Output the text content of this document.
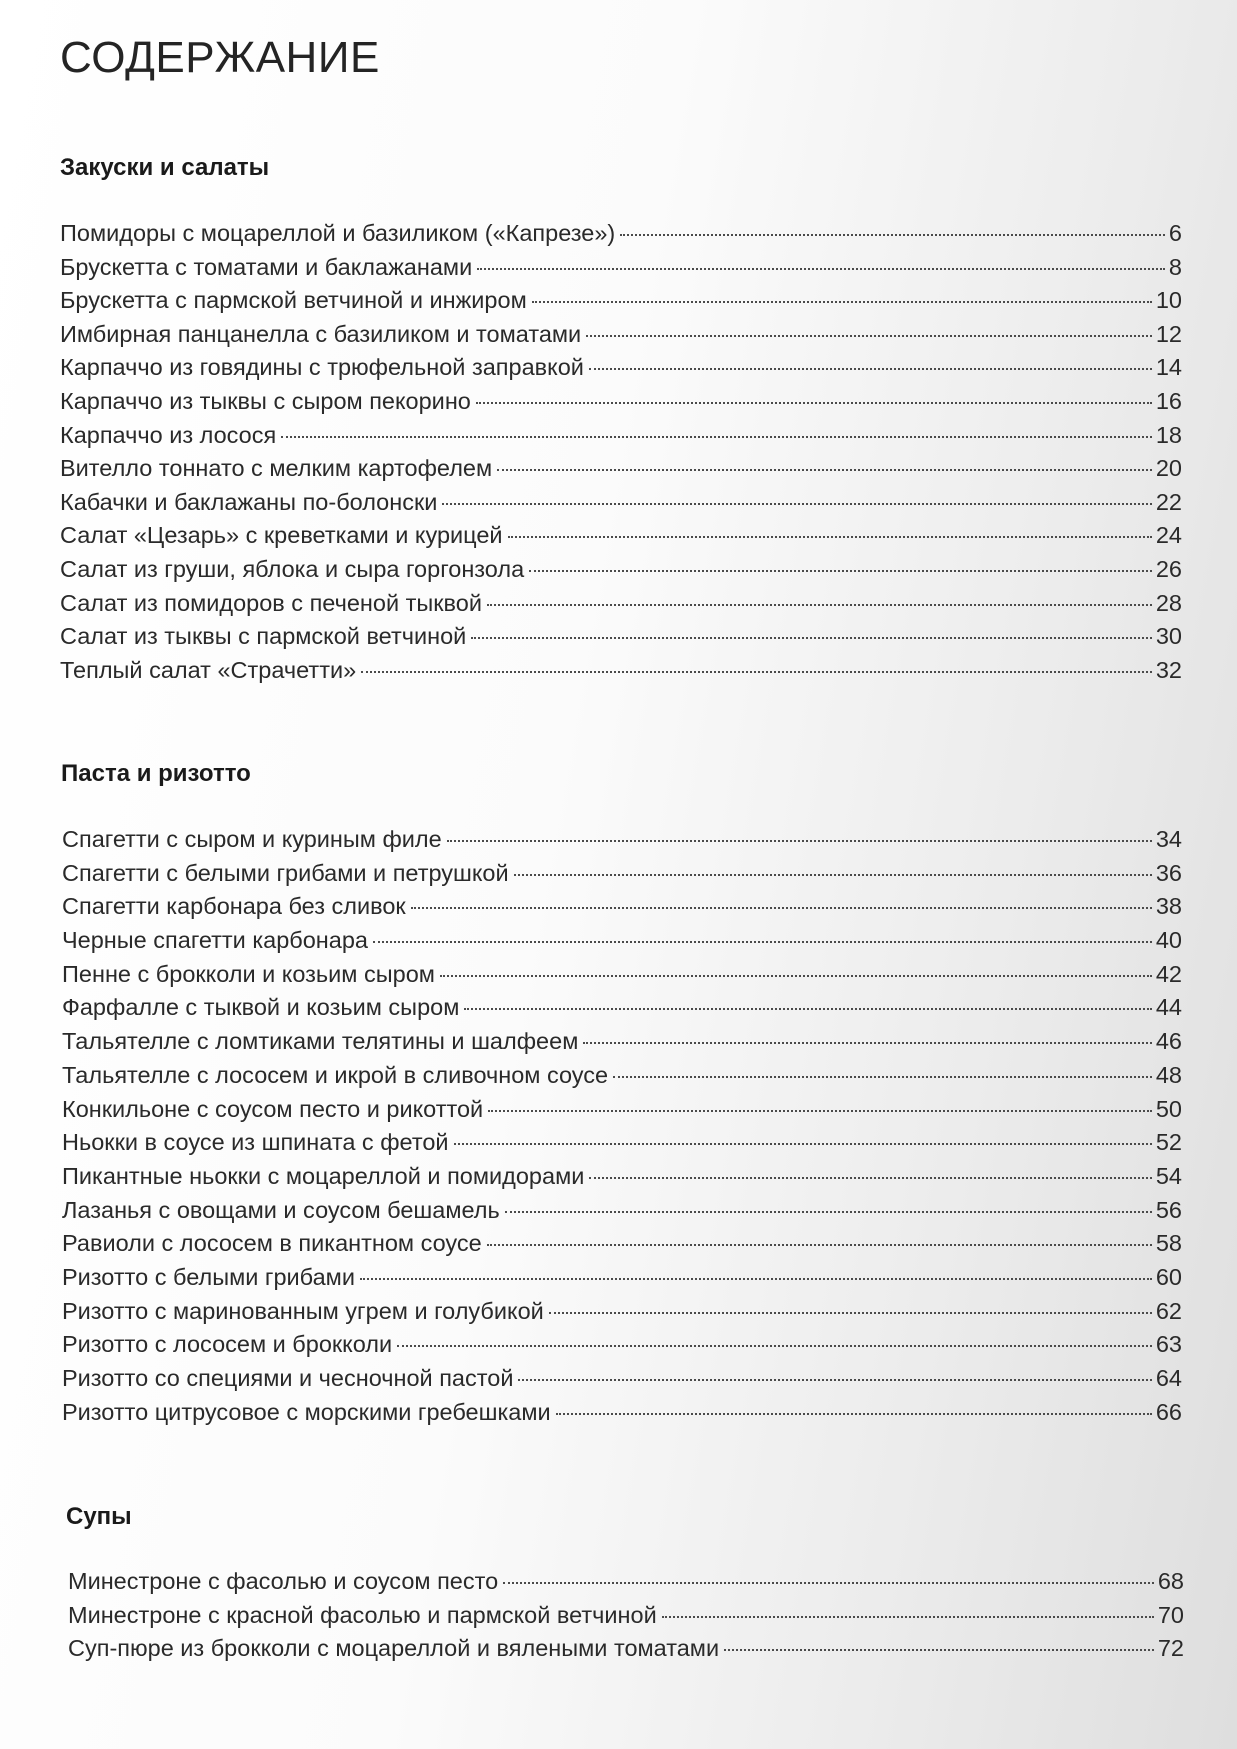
СОДЕРЖАНИЕ
Закуски и салаты
Помидоры с моцареллой и базиликом («Капрезе»)	6
Брускетта с томатами и баклажанами	8
Брускетта с пармской ветчиной и инжиром	10
Имбирная панцанелла с базиликом и томатами	12
Карпаччо из говядины с трюфельной заправкой	14
Карпаччо из тыквы с сыром пекорино	16
Карпаччо из лосося	18
Вителло тоннато с мелким картофелем	20
Кабачки и баклажаны по-болонски	22
Салат «Цезарь» с креветками и курицей	24
Салат из груши, яблока и сыра горгонзола	26
Салат из помидоров с печеной тыквой	28
Салат из тыквы с пармской ветчиной	30
Теплый салат «Страчетти»	32
Паста и ризотто
Спагетти с сыром и куриным филе	34
Спагетти с белыми грибами и петрушкой	36
Спагетти карбонара без сливок	38
Черные спагетти карбонара	40
Пенне с брокколи и козьим сыром	42
Фарфалле с тыквой и козьим сыром	44
Тальятелле с ломтиками телятины и шалфеем	46
Тальятелле с лососем и икрой в сливочном соусе	48
Конкильоне с соусом песто и рикоттой	50
Ньокки в соусе из шпината с фетой	52
Пикантные ньокки с моцареллой и помидорами	54
Лазанья с овощами и соусом бешамель	56
Равиоли с лососем в пикантном соусе	58
Ризотто с белыми грибами	60
Ризотто с маринованным угрем и голубикой	62
Ризотто с лососем и брокколи	63
Ризотто со специями и чесночной пастой	64
Ризотто цитрусовое с морскими гребешками	66
Супы
Минестроне с фасолью и соусом песто	68
Минестроне с красной фасолью и пармской ветчиной	70
Суп-пюре из брокколи с моцареллой и вялеными томатами	72
